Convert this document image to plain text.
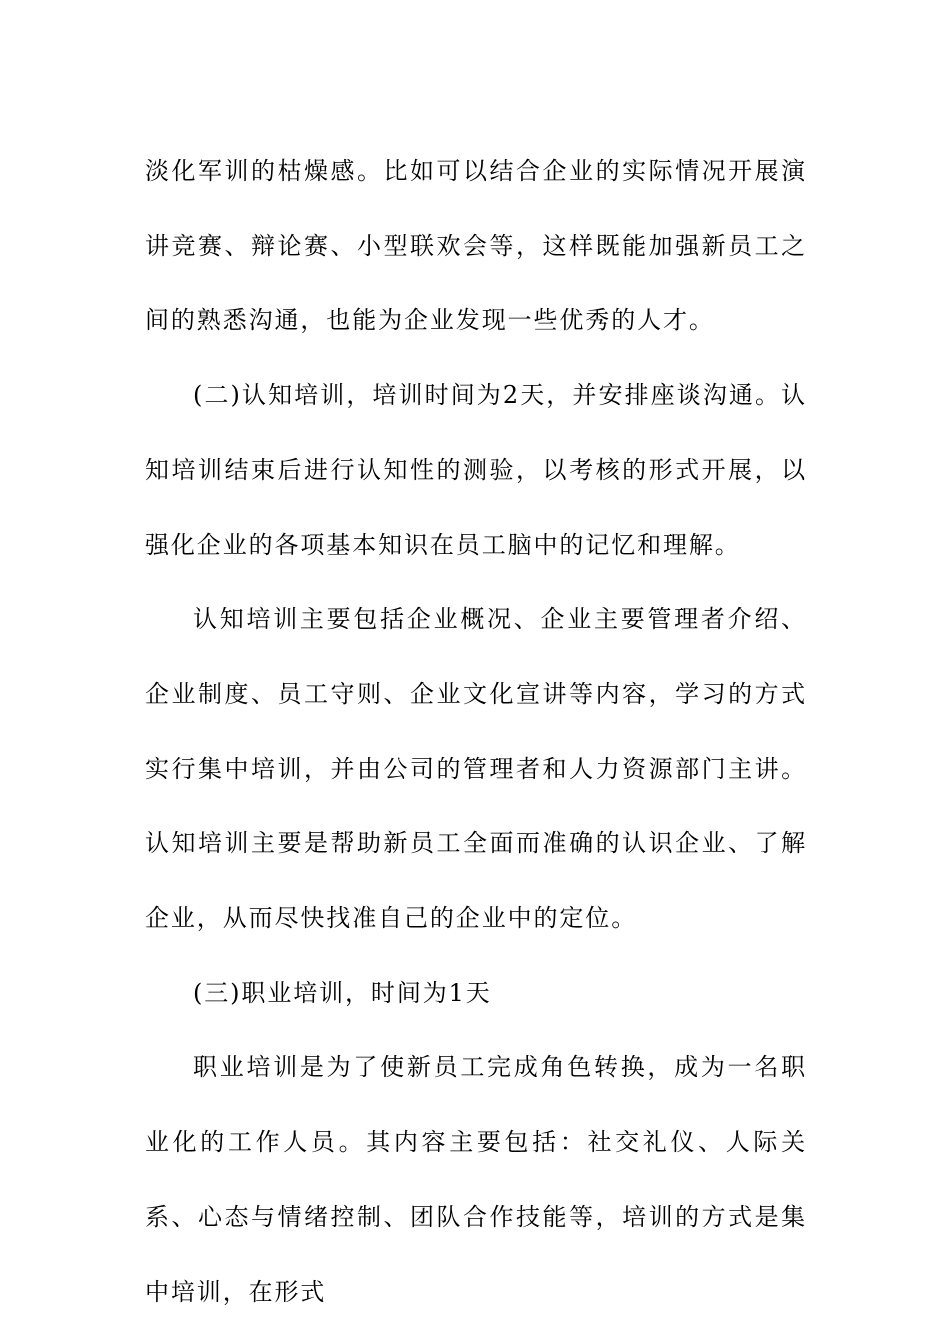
淡化军训的枯燥感。比如可以结合企业的实际情况开展演讲竞赛、辩论赛、小型联欢会等，这样既能加强新员工之间的熟悉沟通，也能为企业发现一些优秀的人才。

(二)认知培训，培训时间为2天，并安排座谈沟通。认知培训结束后进行认知性的测验，以考核的形式开展，以强化企业的各项基本知识在员工脑中的记忆和理解。

认知培训主要包括企业概况、企业主要管理者介绍、企业制度、员工守则、企业文化宣讲等内容，学习的方式实行集中培训，并由公司的管理者和人力资源部门主讲。认知培训主要是帮助新员工全面而准确的认识企业、了解企业，从而尽快找准自己的企业中的定位。

(三)职业培训，时间为1天

职业培训是为了使新员工完成角色转换，成为一名职业化的工作人员。其内容主要包括：社交礼仪、人际关系、心态与情绪控制、团队合作技能等，培训的方式是集中培训，在形式
